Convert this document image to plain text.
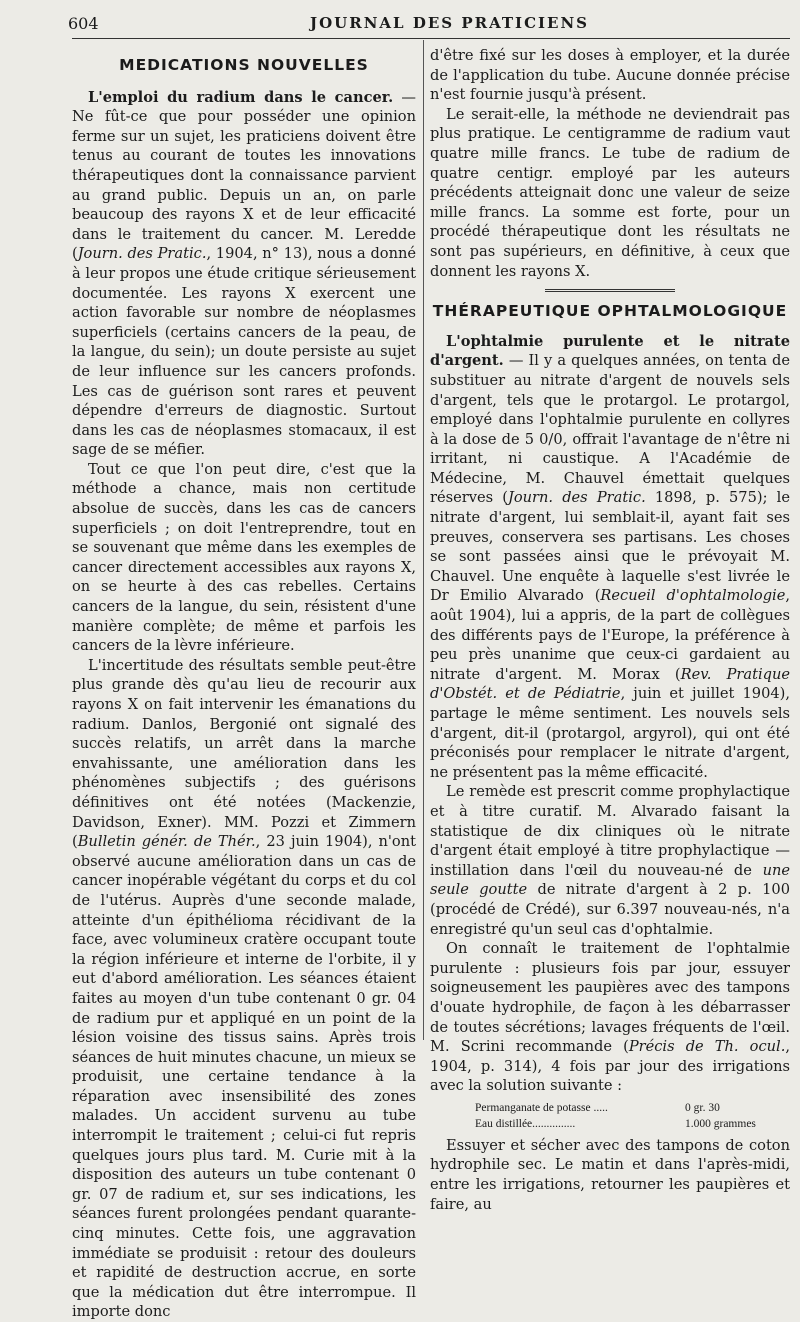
604	JOURNAL DES PRATICIENS
MEDICATIONS NOUVELLES

L'emploi du radium dans le cancer. — Ne fût-ce que pour posséder une opinion ferme sur un sujet, les praticiens doivent être tenus au courant de toutes les innovations thérapeutiques dont la connaissance parvient au grand public. Depuis un an, on parle beaucoup des rayons X et de leur efficacité dans le traitement du cancer. M. Leredde (Journ. des Pratic., 1904, n° 13), nous a donné à leur propos une étude critique sérieusement documentée. Les rayons X exercent une action favorable sur nombre de néoplasmes superficiels (certains cancers de la peau, de la langue, du sein); un doute persiste au sujet de leur influence sur les cancers profonds. Les cas de guérison sont rares et peuvent dépendre d'erreurs de diagnostic. Surtout dans les cas de néoplasmes stomacaux, il est sage de se méfier.

Tout ce que l'on peut dire, c'est que la méthode a chance, mais non certitude absolue de succès, dans les cas de cancers superficiels ; on doit l'entreprendre, tout en se souvenant que même dans les exemples de cancer directement accessibles aux rayons X, on se heurte à des cas rebelles. Certains cancers de la langue, du sein, résistent d'une manière complète; de même et parfois les cancers de la lèvre inférieure.

L'incertitude des résultats semble peut-être plus grande dès qu'au lieu de recourir aux rayons X on fait intervenir les émanations du radium. Danlos, Bergonié ont signalé des succès relatifs, un arrêt dans la marche envahissante, une amélioration dans les phénomènes subjectifs ; des guérisons définitives ont été notées (Mackenzie, Davidson, Exner). MM. Pozzi et Zimmern (Bulletin génér. de Thér., 23 juin 1904), n'ont observé aucune amélioration dans un cas de cancer inopérable végétant du corps et du col de l'utérus. Auprès d'une seconde malade, atteinte d'un épithélioma récidivant de la face, avec volumineux cratère occupant toute la région inférieure et interne de l'orbite, il y eut d'abord amélioration. Les séances étaient faites au moyen d'un tube contenant 0 gr. 04 de radium pur et appliqué en un point de la lésion voisine des tissus sains. Après trois séances de huit minutes chacune, un mieux se produisit, une certaine tendance à la réparation avec insensibilité des zones malades. Un accident survenu au tube interrompit le traitement ; celui-ci fut repris quelques jours plus tard. M. Curie mit à la disposition des auteurs un tube contenant 0 gr. 07 de radium et, sur ses indications, les séances furent prolongées pendant quarante-cinq minutes. Cette fois, une aggravation immédiate se produisit : retour des douleurs et rapidité de destruction accrue, en sorte que la médication dut être interrompue. Il importe donc

d'être fixé sur les doses à employer, et la durée de l'application du tube. Aucune donnée précise n'est fournie jusqu'à présent.

Le serait-elle, la méthode ne deviendrait pas plus pratique. Le centigramme de radium vaut quatre mille francs. Le tube de radium de quatre centigr. employé par les auteurs précédents atteignait donc une valeur de seize mille francs. La somme est forte, pour un procédé thérapeutique dont les résultats ne sont pas supérieurs, en définitive, à ceux que donnent les rayons X.

THÉRAPEUTIQUE OPHTALMOLOGIQUE

L'ophtalmie purulente et le nitrate d'argent. — Il y a quelques années, on tenta de substituer au nitrate d'argent de nouvels sels d'argent, tels que le protargol. Le protargol, employé dans l'ophtalmie purulente en collyres à la dose de 5 0/0, offrait l'avantage de n'être ni irritant, ni caustique. A l'Académie de Médecine, M. Chauvel émettait quelques réserves (Journ. des Pratic. 1898, p. 575); le nitrate d'argent, lui semblait-il, ayant fait ses preuves, conservera ses partisans. Les choses se sont passées ainsi que le prévoyait M. Chauvel. Une enquête à laquelle s'est livrée le Dr Emilio Alvarado (Recueil d'ophtalmologie, août 1904), lui a appris, de la part de collègues des différents pays de l'Europe, la préférence à peu près unanime que ceux-ci gardaient au nitrate d'argent. M. Morax (Rev. Pratique d'Obstét. et de Pédiatrie, juin et juillet 1904), partage le même sentiment. Les nouvels sels d'argent, dit-il (protargol, argyrol), qui ont été préconisés pour remplacer le nitrate d'argent, ne présentent pas la même efficacité.

Le remède est prescrit comme prophylactique et à titre curatif. M. Alvarado faisant la statistique de dix cliniques où le nitrate d'argent était employé à titre prophylactique — instillation dans l'œil du nouveau-né de une seule goutte de nitrate d'argent à 2 p. 100 (procédé de Crédé), sur 6.397 nouveau-nés, n'a enregistré qu'un seul cas d'ophtalmie.

On connaît le traitement de l'ophtalmie purulente : plusieurs fois par jour, essuyer soigneusement les paupières avec des tampons d'ouate hydrophile, de façon à les débarrasser de toutes sécrétions; lavages fréquents de l'œil. M. Scrini recommande (Précis de Th. ocul., 1904, p. 314), 4 fois par jour des irrigations avec la solution suivante :

Permanganate de potasse .....	0 gr. 30
Eau distillée...............	1.000 grammes

Essuyer et sécher avec des tampons de coton hydrophile sec. Le matin et dans l'après-midi, entre les irrigations, retourner les paupières et faire, au
